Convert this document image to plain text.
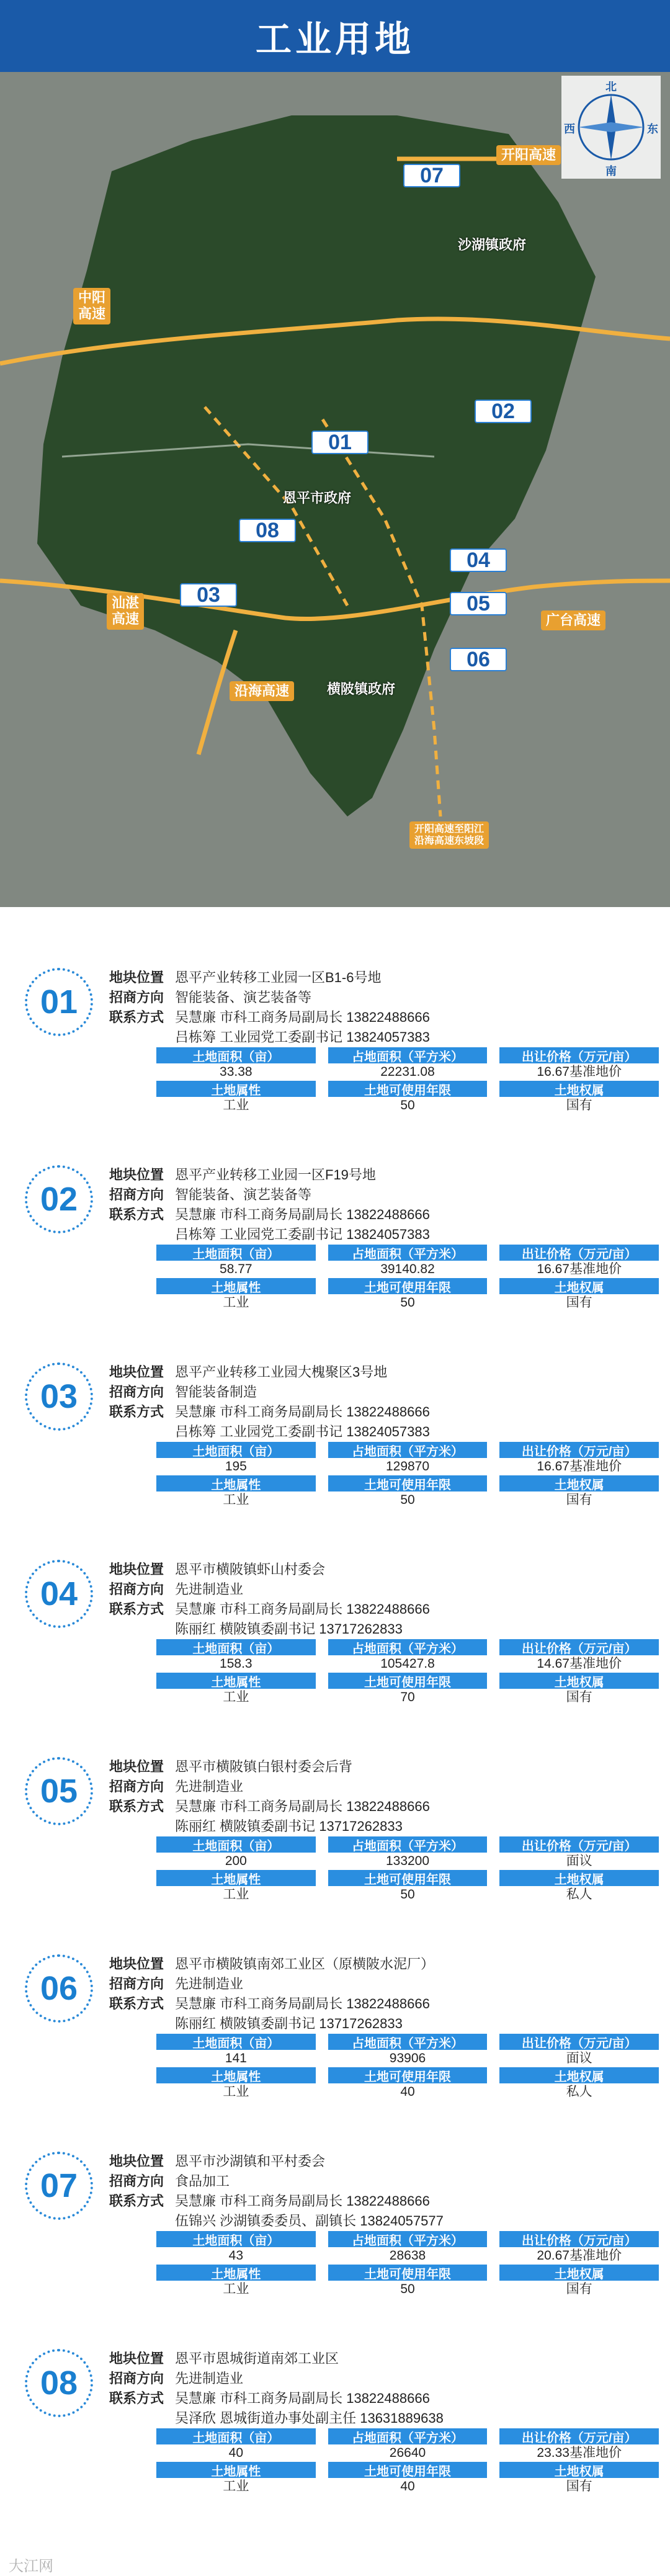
工业用地
北
南
西	东
07
01
02
08
04
03	05
06
中阳
高速
汕湛
高速	广台高速
沿海高速
开阳高速
开阳高速至阳江
沿海高速东坡段
沙湖镇政府
恩平市政府
横陂镇政府
01
地块位置 恩平产业转移工业园一区B1-6号地
招商方向 智能装备、演艺装备等
联系方式 吴慧廉 市科工商务局副局长 13822488666
吕栋筹 工业园党工委副书记 13824057383
土地面积（亩）	占地面积（平方米）	出让价格（万元/亩）
33.38	22231.08	16.67基准地价
土地属性	土地可使用年限	土地权属
工业	50	国有
02
地块位置 恩平产业转移工业园一区F19号地
招商方向 智能装备、演艺装备等
联系方式 吴慧廉 市科工商务局副局长 13822488666
吕栋筹 工业园党工委副书记 13824057383
土地面积（亩）	占地面积（平方米）	出让价格（万元/亩）
58.77	39140.82	16.67基准地价
土地属性	土地可使用年限	土地权属
工业	50	国有
03
地块位置 恩平产业转移工业园大槐聚区3号地
招商方向 智能装备制造
联系方式 吴慧廉 市科工商务局副局长 13822488666
吕栋筹 工业园党工委副书记 13824057383
土地面积（亩）	占地面积（平方米）	出让价格（万元/亩）
195	129870	16.67基准地价
土地属性	土地可使用年限	土地权属
工业	50	国有
04
地块位置 恩平市横陂镇虾山村委会
招商方向 先进制造业
联系方式 吴慧廉 市科工商务局副局长 13822488666
陈丽红 横陂镇委副书记 13717262833
土地面积（亩）	占地面积（平方米）	出让价格（万元/亩）
158.3	105427.8	14.67基准地价
土地属性	土地可使用年限	土地权属
工业	70	国有
05
地块位置 恩平市横陂镇白银村委会后背
招商方向 先进制造业
联系方式 吴慧廉 市科工商务局副局长 13822488666
陈丽红 横陂镇委副书记 13717262833
土地面积（亩）	占地面积（平方米）	出让价格（万元/亩）
200	133200	面议
土地属性	土地可使用年限	土地权属
工业	50	私人
06
地块位置 恩平市横陂镇南郊工业区（原横陂水泥厂）
招商方向 先进制造业
联系方式 吴慧廉 市科工商务局副局长 13822488666
陈丽红 横陂镇委副书记 13717262833
土地面积（亩）	占地面积（平方米）	出让价格（万元/亩）
141	93906	面议
土地属性	土地可使用年限	土地权属
工业	40	私人
07
地块位置 恩平市沙湖镇和平村委会
招商方向 食品加工
联系方式 吴慧廉 市科工商务局副局长 13822488666
伍锦兴 沙湖镇委委员、副镇长 13824057577
土地面积（亩）	占地面积（平方米）	出让价格（万元/亩）
43	28638	20.67基准地价
土地属性	土地可使用年限	土地权属
工业	50	国有
08
地块位置 恩平市恩城街道南郊工业区
招商方向 先进制造业
联系方式 吴慧廉 市科工商务局副局长 13822488666
吴泽欣 恩城街道办事处副主任 13631889638
土地面积（亩）	占地面积（平方米）	出让价格（万元/亩）
40	26640	23.33基准地价
土地属性	土地可使用年限	土地权属
工业	40	国有
大江网
